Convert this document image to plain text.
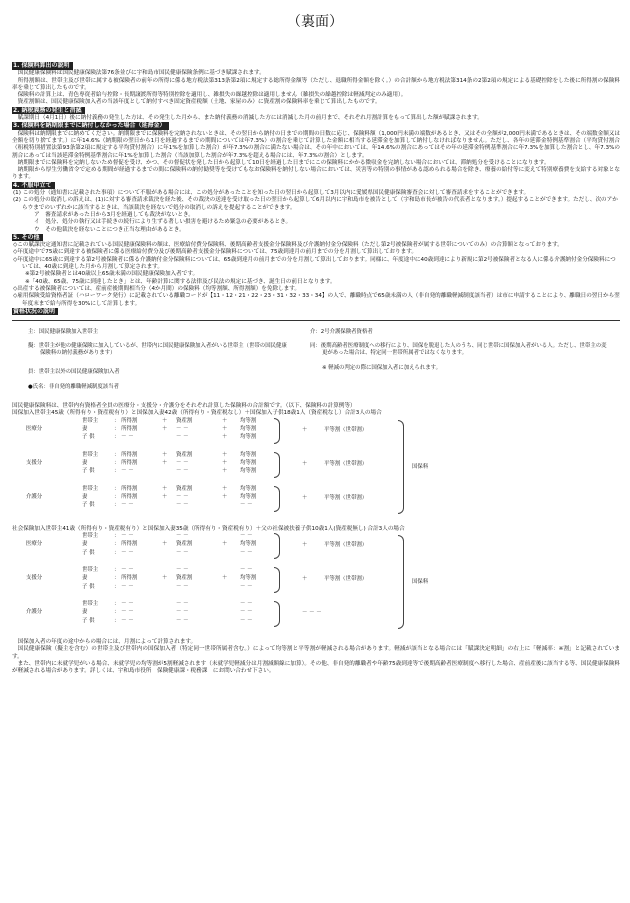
（裏面）
1. 保険料算出の説明
国民健康保険料は国民健康保険法第76条並びに宇和島市国民健康保険条例に基づき賦課されます。
所得割額は、世帯主及び世帯に属する被保険者の前年の所得に係る地方税法第313条第2項に規定する総所得金額等（ただし、退職所得金額を除く。）の合計額から地方税法第314条の2第2項の規定による基礎控除をした後に所得割の保険料率を乗じて算出したものです。
保険料の計算上は、青色専従者給与控除・長期譲渡所得等特別控除を適用し、雑損失の繰越控除は適用しません（雑損失の繰越控除は軽減判定のみ適用）。
資産割額は、国民健康保険加入者の当該年度として納付すべき固定資産税額（土地、家屋のみ）に資産割の保険料率を乗じて算出したものです。
2. 納税義務の発生と消滅
賦課期日（4月1日）後に納付義務の発生した方は、その発生した月から、また納付義務の消滅した方には消滅した月の前月まで、それぞれ月割計算をもって算出した額が賦課されます。
3. 保険料を納期限までに納付しなかった場合（延滞金）
保険料は納期限までに納めてください。納期限までに保険料を完納されないときは、その翌日から納付の日までの期間の日数に応じ、保険料額（1,000円未満の端数があるとき、又はその全額が2,000円未満であるときは、その端数金額又は全額を切り捨てます。）に年14.6%（納期限の翌日から1月を経過するまでの期間については年7.3%）の割合を乗じて計算した金額に相当する延滞金を加算して納付しなければなりません。ただし、各年の延滞金特例基準割合（平均貸付割合（租税特別措置法第93条第2項に規定する平均貸付割合）に年1%を加算した割合）が年7.3%の割合に満たない場合は、その年中においては、年14.6%の割合にあってはその年の延滞金特例基準割合に年7.3%を加算した割合とし、年7.3%の割合にあっては当該延滞金特例基準割合に年1%を加算した割合（当該加算した割合が年7.3%を超える場合には、年7.3%の割合）とします。
納期限までに保険料を完納しないため督促を受け、かつ、その督促状を発した日から起算して10日を経過した日までにこの保険料にかかる微収金を完納しない場合においては、滞納処分を受けることになります。
納期限から厚生労働省令で定める期間が経過するまでの間に保険料の納付勧奨等を受けてもなお保険料を納付しない場合においては、災害等の特別の事情がある認められる場合を除き、療養の給付等に変えて特別療養費を支給する対象となります。
4. 不服申立て
(1) この処分（通知書に記載された事項）について不服がある場合には、この処分があったことを知った日の翌日から起算して3月以内に愛媛県国民健康保険審査会に対して審査請求をすることができます。
(2) この処分の取消しの訴えは、(1)に対する審査請求裁決を経た後、その裁決の送達を受け取った日の翌日から起算して6月以内に宇和島市を被告として（宇和島市長が被告の代表者となります。）提起することができます。ただし、次のアからウまでのいずれかに該当するときは、当該裁決を経ないで処分の取消しの訴えを提起することができます。
ア　審査請求があった日から3月を経過しても裁決がないとき。
イ　処分、処分の執行又は手続きの続行により生ずる著しい損害を避けるため緊急の必要があるとき。
ウ　その他裁決を経ないことにつき正当な理由があるとき。
5. その他
◇この賦課決定通知書に記載されている国民健康保険料の額は、医療給付費分保険料、後期高齢者支援金分保険料及び介護納付金分保険料（ただし第2号被保険者が属する世帯についてのみ）の合算額となっております。
◇年度途中で75歳に到達する被保険者に係る医療給付費分及び後期高齢者支援金分保険料については、75歳到達月の前月までの分を月割して算出しております。
◇年度途中に65歳に到達する第2号被保険者に係る介護納付金分保険料については、65歳到達月の前月までの分を月割して算出しております。同様に、年度途中に40歳到達により新規に第2号被保険者となる人に係る介護納付金分保険料については、40歳に到達した月から月割して算定されます。
※第2号被保険者とは40歳以上65歳未満の国民健康保険加入者です。
※「40歳、65歳、75歳に到達したとき」とは、年齢計算に関する法律及び民法の規定に基づき、誕生日の前日となります。
◇出産する被保険者については、産前産後期間相当分（4か月間）の保険料（均等割額、所得割額）を免除します。
◇雇用保険受給資格者証（ハローワーク発行）に記載されている離職コードが【11・12・21・22・23・31・32・33・34】の人で、離職時点で65歳未満の人（非自発的離職軽減制度該当者）は市に申請することにより、離職日の翌日から翌年度末まで給与所得を30%にして計算します。
資格状況の説明
主：国民健康保険加入世帯主
擬：世帯主が他の健康保険に加入しているが、世帯内に国民健康保険加入者がいる世帯主（世帯の国民健康保険料の納付義務があります）
員：世帯主以外の国民健康保険加入者
●氏名：非自発的離職軽減制度該当者
介：2号介護保険者資格者
同：後期高齢者医療制度への移行により、国保を脱退した人のうち、同じ世帯に国保加入者がいる人。ただし、世帯主の変更があった場合は、特定同一世帯所属者ではなくなります。
※ 軽減の判定の際に国保加入者に加えられます。
国民健康保険料は、世帯内有資格者全員の医療分・支援分・介護分をそれぞれ計算した保険料の合計額です。（以下、保険料の計算例等）
国保加入世帯主45歳（所得有り・資産税有り）と国保加入妻42歳（所得有り・資産税なし）＋国保加入子供18歳1人（資産税なし）合計3人の場合
医療分
世帯主	： 所得割	＋ 資産割	＋ 均等割
妻	： 所得割	＋ － －	＋ 均等割
子 供	： － －	－ －	＋ 均等割
＋	平等割（世帯割）
支援分
世帯主	： 所得割	＋ 資産割	＋ 均等割
妻	： 所得割	＋ － －	＋ 均等割
子 供	： － －	－ －	＋ 均等割
＋	平等割（世帯割）
介護分
世帯主	： 所得割	＋ 資産割	＋ 均等割
妻	： 所得割	＋ － －	＋ 均等割
子 供	： － －	－ －	－ －
＋	平等割（世帯割）
国保料
社会保険加入世帯主41歳（所得有り・資産税有り）と国保加入妻35歳（所得有り・資産税有り）＋父の社保被扶養子供10歳1人(資産税無し) 合計3人の場合
医療分
世帯主	： － －	－ －	－ －
妻	： 所得割	＋ 資産割	＋ 均等割
子 供	： － －	－ －	－ －
＋	平等割（世帯割）
支援分
世帯主	： － －	－ －	－ －
妻	： 所得割	＋ 資産割	＋ 均等割
子 供	： － －	－ －	－ －
＋	平等割（世帯割）
介護分
世帯主	： － －	－ －	－ －
妻	： － －	－ －	－ －
子 供	： － －	－ －	－ －
－ － －
国保料
国保加入者の年度の途中からの場合には、月割によって計算されます。
国民健康保険（擬主を含む）の世帯主及び世帯内の国保加入者（特定同一世帯所属者含む。）によって均等割と平等割が軽減される場合があります。軽減が該当となる場合には「賦課決定明細」の右上に「軽減率：※割」と記載されています。
また、世帯内に未就学児がいる場合、未就学児の均等割が5割軽減されます（未就学児軽減分は月割減額線に加算）。その他、非自発的離職者や年齢75歳到達等で後期高齢者医療制度へ移行した場合、産前産後に該当する等、国民健康保険料が軽減される場合があります。詳しくは、宇和島市役所　保険健康課・税務課　にお問い合わせ下さい。
